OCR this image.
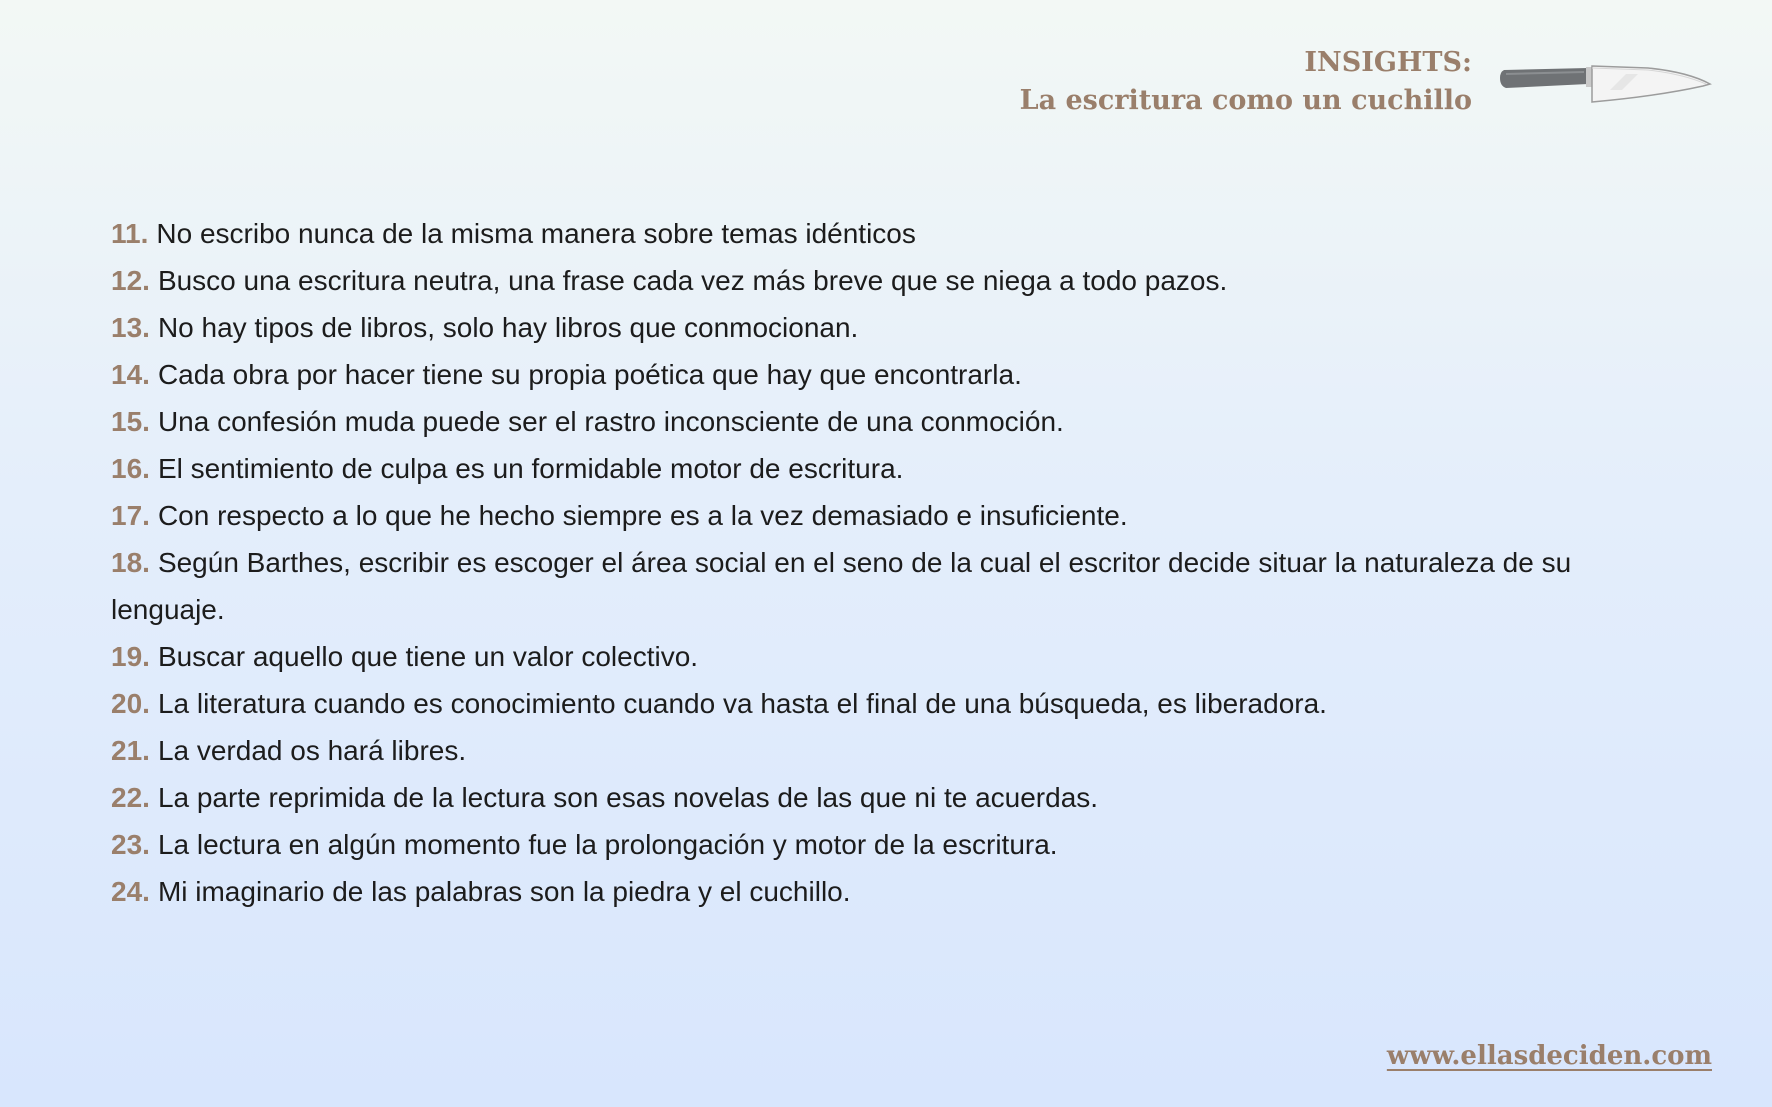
INSIGHTS:
La escritura como un cuchillo
11. No escribo nunca de la misma manera sobre temas idénticos
12. Busco una escritura neutra, una frase cada vez más breve que se niega a todo pazos.
13. No hay tipos de libros, solo hay libros que conmocionan.
14. Cada obra por hacer tiene su propia poética que hay que encontrarla.
15. Una confesión muda puede ser el rastro inconsciente de una conmoción.
16. El sentimiento de culpa es un formidable motor de escritura.
17. Con respecto a lo que he hecho siempre es a la vez demasiado e insuficiente.
18. Según Barthes, escribir es escoger el área social en el seno de la cual el escritor decide situar la naturaleza de su lenguaje.
19. Buscar aquello que tiene un valor colectivo.
20. La literatura cuando es conocimiento cuando va hasta el final de una búsqueda, es liberadora.
21. La verdad os hará libres.
22. La parte reprimida de la lectura son esas novelas de las que ni te acuerdas.
23. La lectura en algún momento fue la prolongación y motor de la escritura.
24. Mi imaginario de las palabras son la piedra y el cuchillo.
www.ellasdeciden.com
